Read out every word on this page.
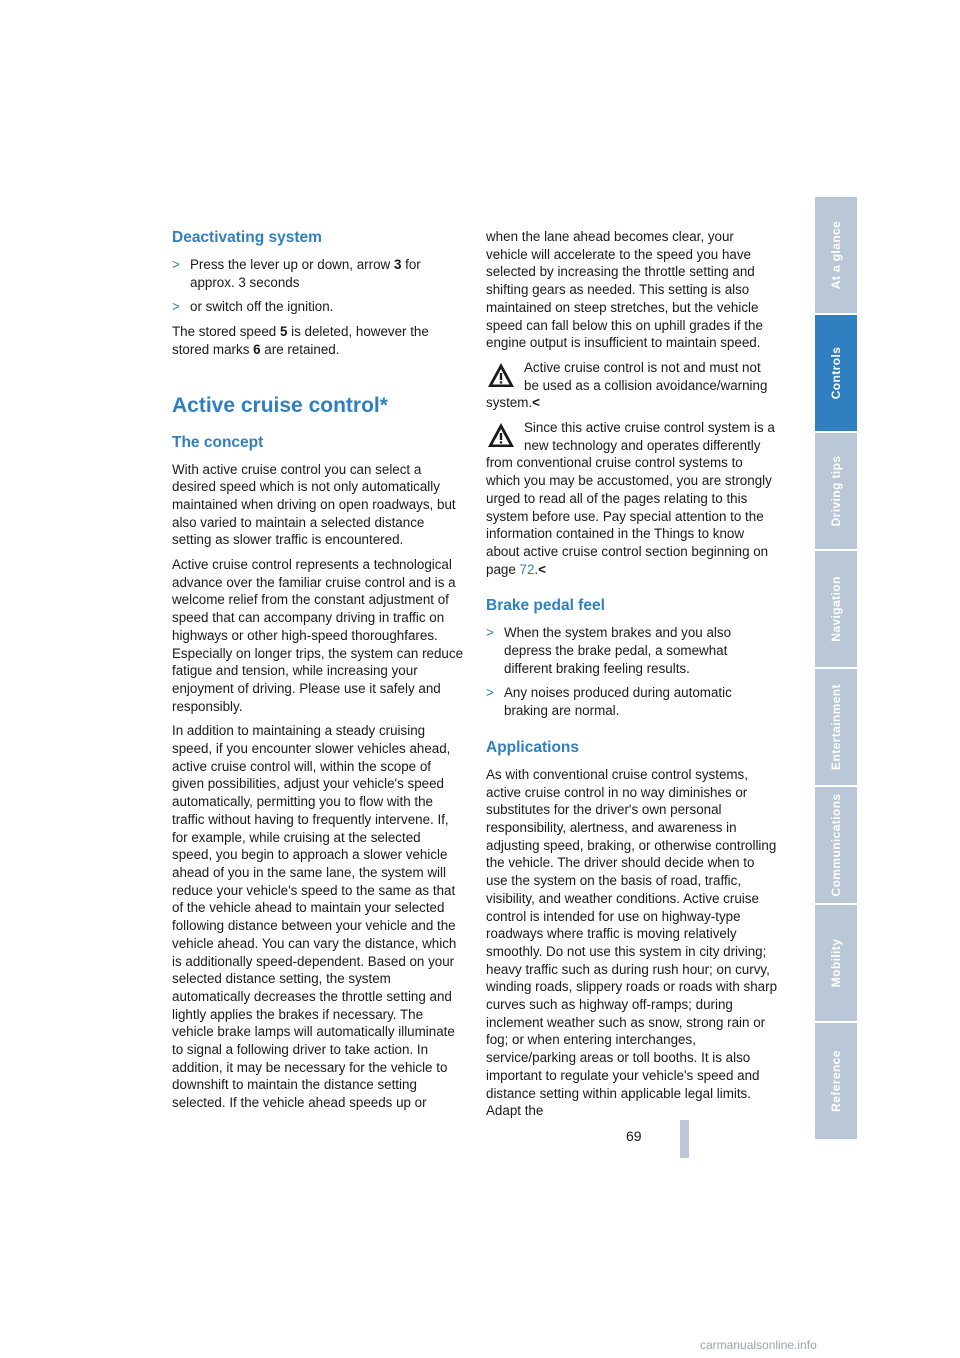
Deactivating system
> Press the lever up or down, arrow 3 for approx. 3 seconds
> or switch off the ignition.

The stored speed 5 is deleted, however the stored marks 6 are retained.

Active cruise control*
The concept

With active cruise control you can select a desired speed which is not only automatically maintained when driving on open roadways, but also varied to maintain a selected distance setting as slower traffic is encountered.

Active cruise control represents a technological advance over the familiar cruise control and is a welcome relief from the constant adjustment of speed that can accompany driving in traffic on highways or other high-speed thoroughfares. Especially on longer trips, the system can reduce fatigue and tension, while increasing your enjoyment of driving. Please use it safely and responsibly.

In addition to maintaining a steady cruising speed, if you encounter slower vehicles ahead, active cruise control will, within the scope of given possibilities, adjust your vehicle's speed automatically, permitting you to flow with the traffic without having to frequently intervene. If, for example, while cruising at the selected speed, you begin to approach a slower vehicle ahead of you in the same lane, the system will reduce your vehicle's speed to the same as that of the vehicle ahead to maintain your selected following distance between your vehicle and the vehicle ahead. You can vary the distance, which is additionally speed-dependent. Based on your selected distance setting, the system automatically decreases the throttle setting and lightly applies the brakes if necessary. The vehicle brake lamps will automatically illuminate to signal a following driver to take action. In addition, it may be necessary for the vehicle to downshift to maintain the distance setting selected. If the vehicle ahead speeds up or

when the lane ahead becomes clear, your vehicle will accelerate to the speed you have selected by increasing the throttle setting and shifting gears as needed. This setting is also maintained on steep stretches, but the vehicle speed can fall below this on uphill grades if the engine output is insufficient to maintain speed.

Active cruise control is not and must not be used as a collision avoidance/warning system.<
Since this active cruise control system is a new technology and operates differently from conventional cruise control systems to which you may be accustomed, you are strongly urged to read all of the pages relating to this system before use. Pay special attention to the information contained in the Things to know about active cruise control section beginning on page 72.<
Brake pedal feel
> When the system brakes and you also depress the brake pedal, a somewhat different braking feeling results.
> Any noises produced during automatic braking are normal.
Applications

As with conventional cruise control systems, active cruise control in no way diminishes or substitutes for the driver's own personal responsibility, alertness, and awareness in adjusting speed, braking, or otherwise controlling the vehicle. The driver should decide when to use the system on the basis of road, traffic, visibility, and weather conditions. Active cruise control is intended for use on highway-type roadways where traffic is moving relatively smoothly. Do not use this system in city driving; heavy traffic such as during rush hour; on curvy, winding roads, slippery roads or roads with sharp curves such as highway off-ramps; during inclement weather such as snow, strong rain or fog; or when entering interchanges, service/parking areas or toll booths. It is also important to regulate your vehicle's speed and distance setting within applicable legal limits. Adapt the

At a glance
Controls
Driving tips
Navigation
Entertainment
Communications
Mobility
Reference
69
carmanualsonline.info
